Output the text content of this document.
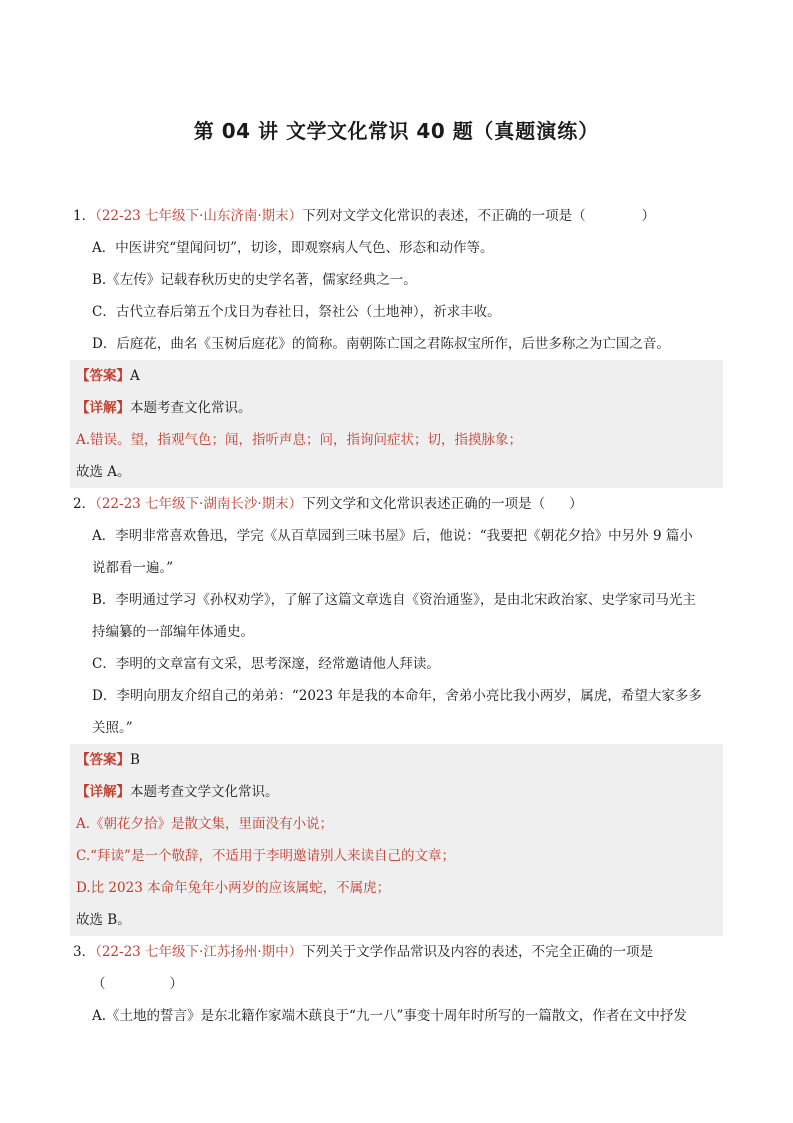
第 04 讲 文学文化常识 40 题（真题演练）
1．（22-23 七年级下·山东济南·期末）下列对文学文化常识的表述，不正确的一项是（	）
A．中医讲究“望闻问切”，切诊，即观察病人气色、形态和动作等。
B.《左传》记载春秋历史的史学名著，儒家经典之一。
C．古代立春后第五个戊日为春社日，祭社公（土地神），祈求丰收。
D．后庭花，曲名《玉树后庭花》的简称。南朝陈亡国之君陈叔宝所作，后世多称之为亡国之音。
【答案】A
【详解】本题考查文化常识。
A.错误。望，指观气色；闻，指听声息；问，指询问症状；切，指摸脉象；
故选 A。
2．（22-23 七年级下·湖南长沙·期末）下列文学和文化常识表述正确的一项是（ ）
A．李明非常喜欢鲁迅，学完《从百草园到三味书屋》后，他说：“我要把《朝花夕拾》中另外 9 篇小
说都看一遍。”
B．李明通过学习《孙权劝学》，了解了这篇文章选自《资治通鉴》，是由北宋政治家、史学家司马光主
持编纂的一部编年体通史。
C．李明的文章富有文采，思考深邃，经常邀请他人拜读。
D．李明向朋友介绍自己的弟弟：“2023 年是我的本命年，舍弟小亮比我小两岁，属虎，希望大家多多
关照。”
【答案】B
【详解】本题考查文学文化常识。
A.《朝花夕拾》是散文集，里面没有小说；
C.“拜读”是一个敬辞，不适用于李明邀请别人来读自己的文章；
D.比 2023 本命年兔年小两岁的应该属蛇，不属虎；
故选 B。
3．（22-23 七年级下·江苏扬州·期中）下列关于文学作品常识及内容的表述，不完全正确的一项是
（	）
A.《土地的誓言》是东北籍作家端木蕻良于“九一八”事变十周年时所写的一篇散文，作者在文中抒发
